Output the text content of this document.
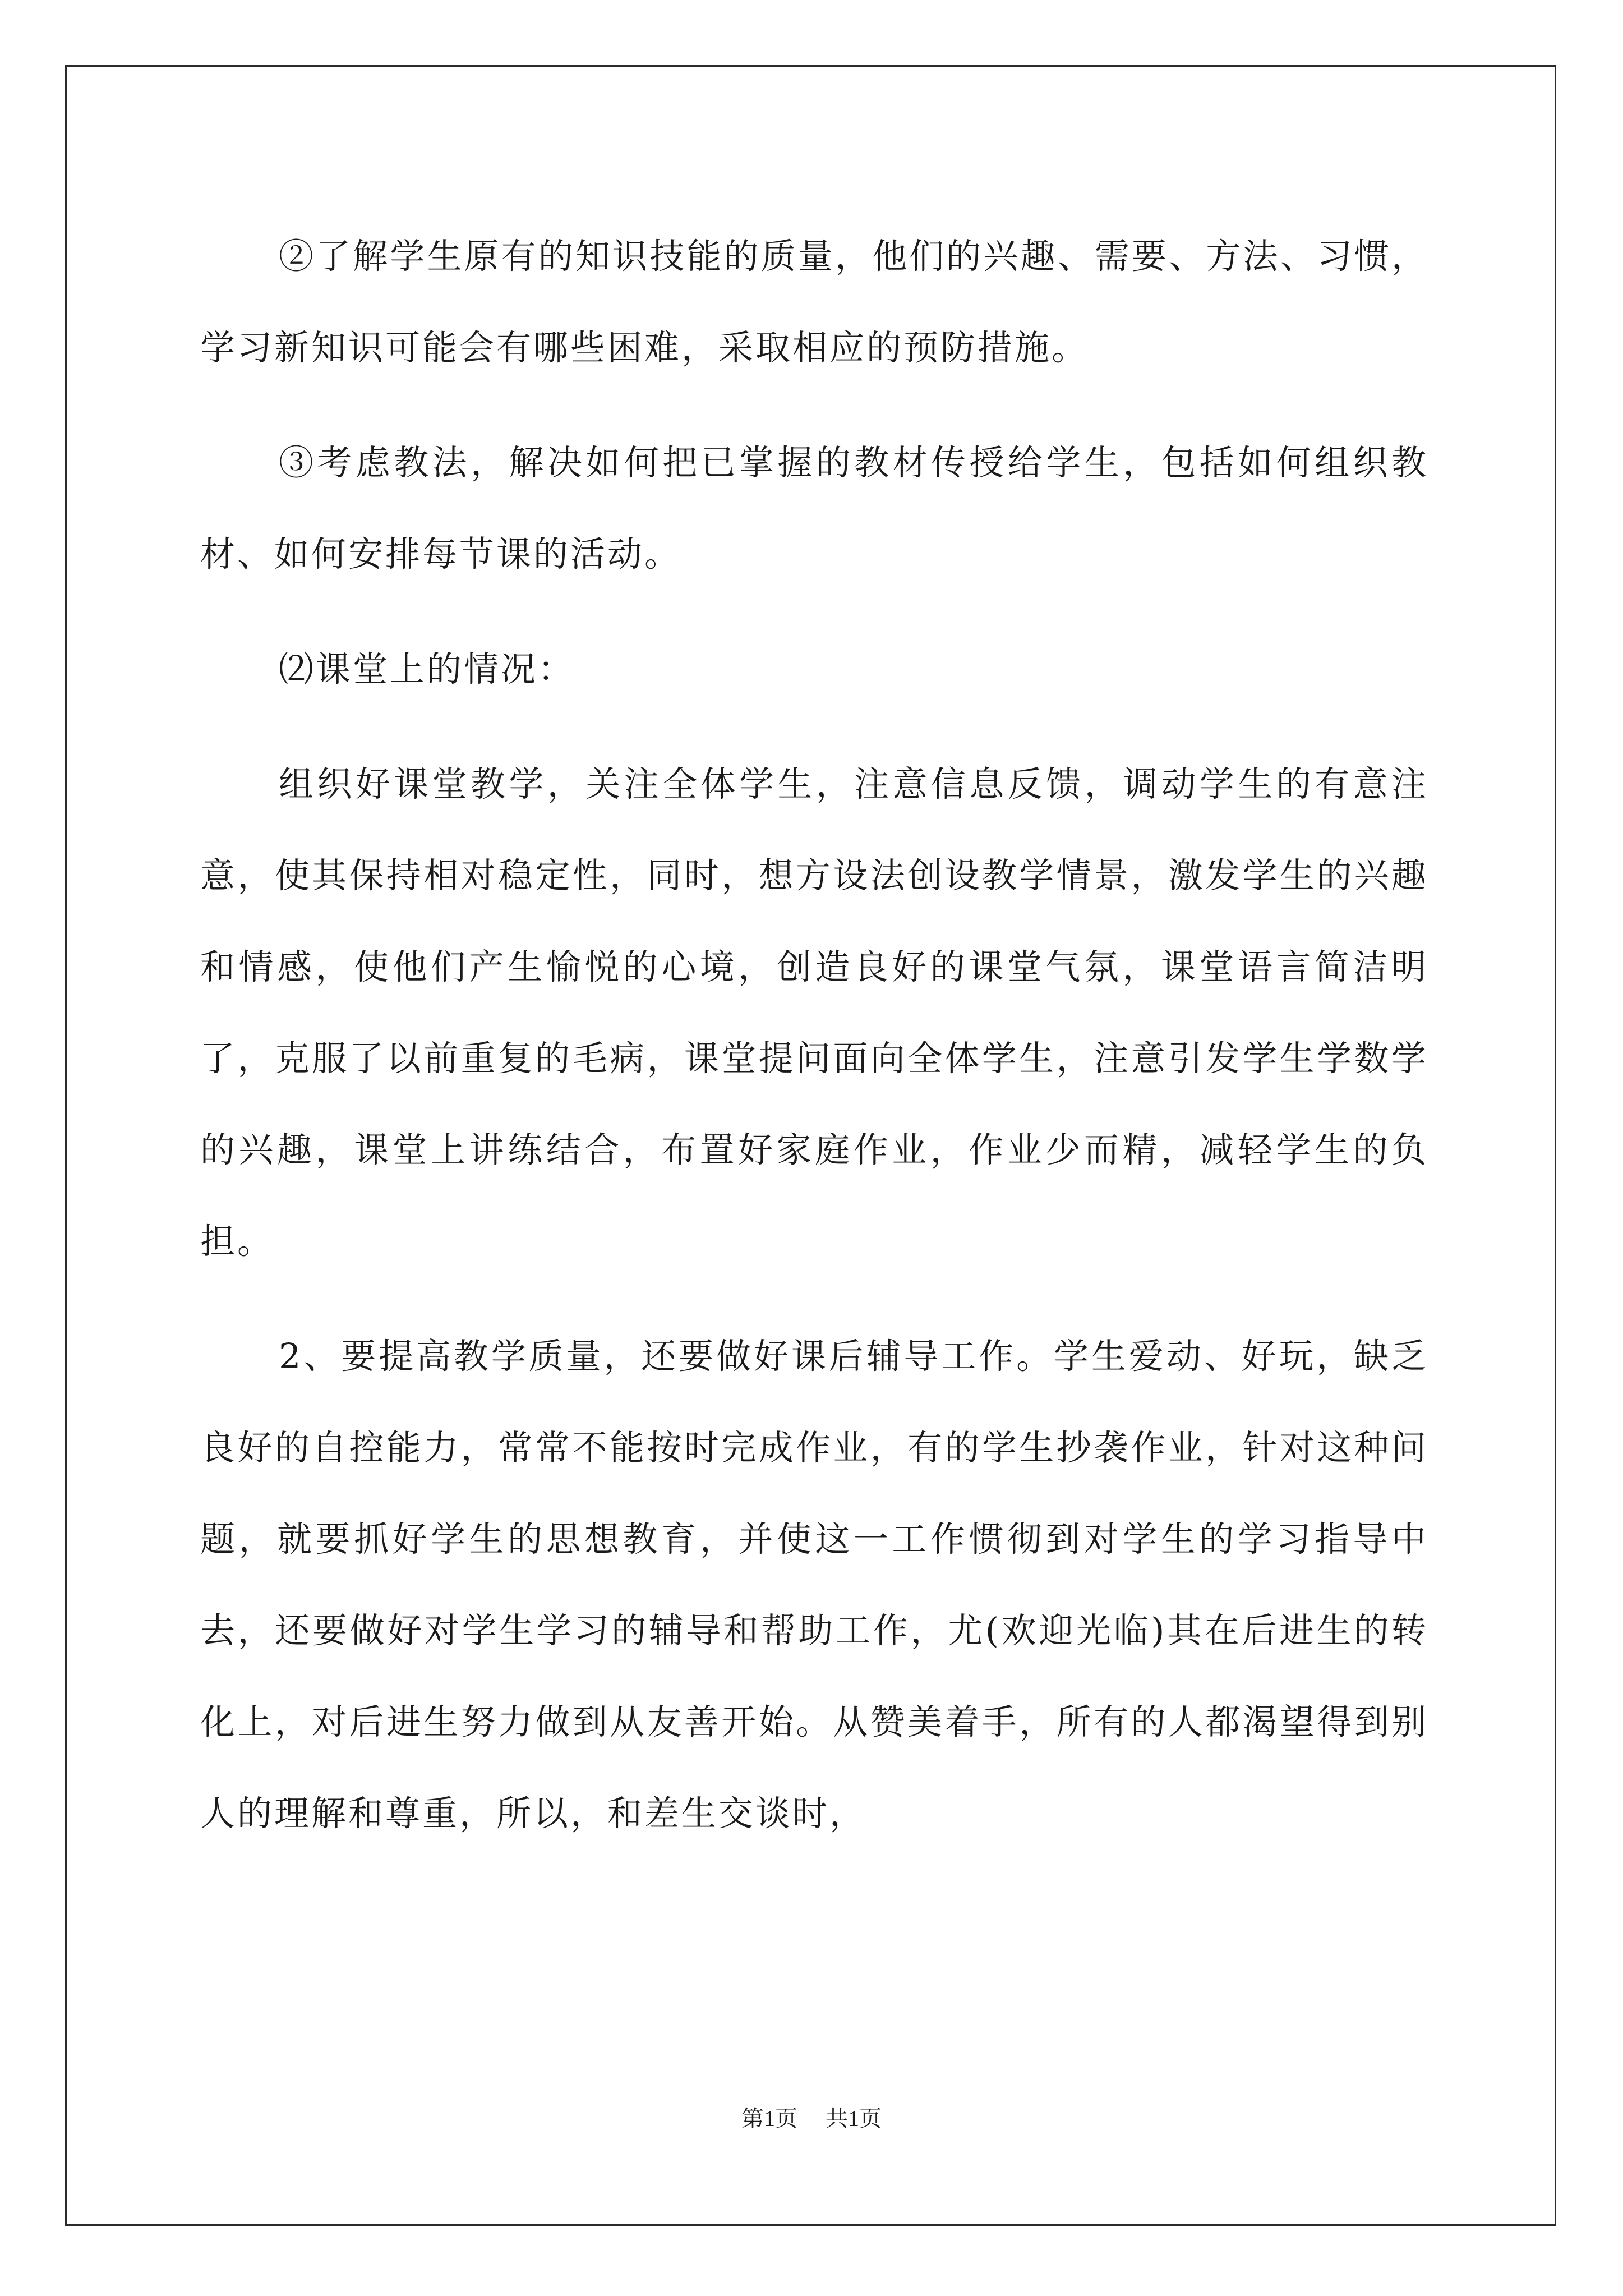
②了解学生原有的知识技能的质量，他们的兴趣、需要、方法、习惯，学习新知识可能会有哪些困难，采取相应的预防措施。

③考虑教法，解决如何把已掌握的教材传授给学生，包括如何组织教材、如何安排每节课的活动。

⑵课堂上的情况：

组织好课堂教学，关注全体学生，注意信息反馈，调动学生的有意注意，使其保持相对稳定性，同时，想方设法创设教学情景，激发学生的兴趣和情感，使他们产生愉悦的心境，创造良好的课堂气氛，课堂语言简洁明了，克服了以前重复的毛病，课堂提问面向全体学生，注意引发学生学数学的兴趣，课堂上讲练结合，布置好家庭作业，作业少而精，减轻学生的负担。

2、要提高教学质量，还要做好课后辅导工作。学生爱动、好玩，缺乏良好的自控能力，常常不能按时完成作业，有的学生抄袭作业，针对这种问题，就要抓好学生的思想教育，并使这一工作惯彻到对学生的学习指导中去，还要做好对学生学习的辅导和帮助工作，尤(欢迎光临)其在后进生的转化上，对后进生努力做到从友善开始。从赞美着手，所有的人都渴望得到别人的理解和尊重，所以，和差生交谈时，

第1页 共1页
